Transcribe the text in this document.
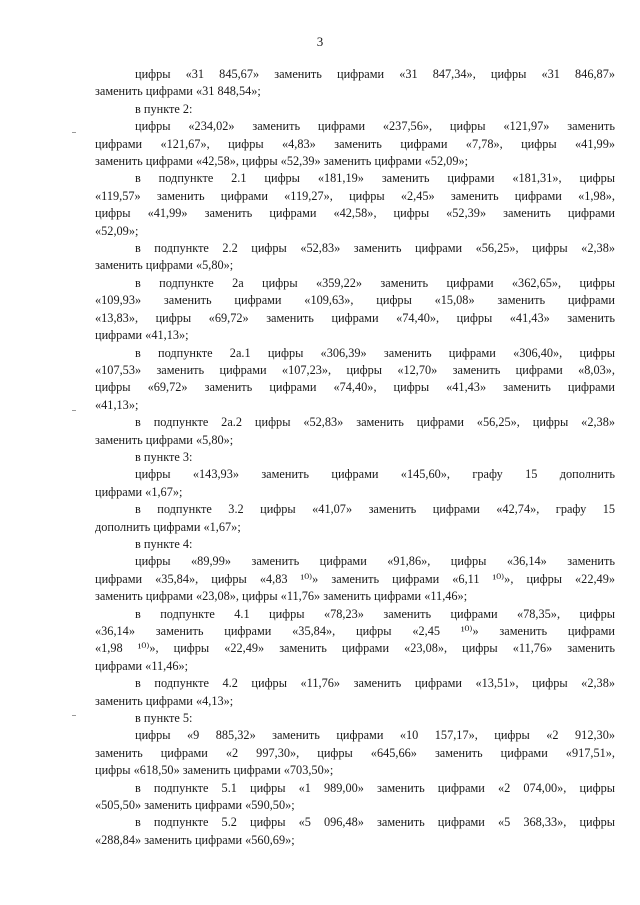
3
цифры «31 845,67» заменить цифрами «31 847,34», цифры «31 846,87»
заменить цифрами «31 848,54»;
в пункте 2:
цифры «234,02» заменить цифрами «237,56», цифры «121,97» заменить
цифрами «121,67», цифры «4,83» заменить цифрами «7,78», цифры «41,99»
заменить цифрами «42,58», цифры «52,39» заменить цифрами «52,09»;
в подпункте 2.1 цифры «181,19» заменить цифрами «181,31», цифры
«119,57» заменить цифрами «119,27», цифры «2,45» заменить цифрами «1,98»,
цифры «41,99» заменить цифрами «42,58», цифры «52,39» заменить цифрами
«52,09»;
в подпункте 2.2 цифры «52,83» заменить цифрами «56,25», цифры «2,38»
заменить цифрами «5,80»;
в подпункте 2а цифры «359,22» заменить цифрами «362,65», цифры
«109,93» заменить цифрами «109,63», цифры «15,08» заменить цифрами
«13,83», цифры «69,72» заменить цифрами «74,40», цифры «41,43» заменить
цифрами «41,13»;
в подпункте 2а.1 цифры «306,39» заменить цифрами «306,40», цифры
«107,53» заменить цифрами «107,23», цифры «12,70» заменить цифрами «8,03»,
цифры «69,72» заменить цифрами «74,40», цифры «41,43» заменить цифрами
«41,13»;
в подпункте 2а.2 цифры «52,83» заменить цифрами «56,25», цифры «2,38»
заменить цифрами «5,80»;
в пункте 3:
цифры «143,93» заменить цифрами «145,60», графу 15 дополнить
цифрами «1,67»;
в подпункте 3.2 цифры «41,07» заменить цифрами «42,74», графу 15
дополнить цифрами «1,67»;
в пункте 4:
цифры «89,99» заменить цифрами «91,86», цифры «36,14» заменить
цифрами «35,84», цифры «4,83 ¹⁰⁾» заменить цифрами «6,11 ¹⁰⁾», цифры «22,49»
заменить цифрами «23,08», цифры «11,76» заменить цифрами «11,46»;
в подпункте 4.1 цифры «78,23» заменить цифрами «78,35», цифры
«36,14» заменить цифрами «35,84», цифры «2,45 ¹⁰⁾» заменить цифрами
«1,98 ¹⁰⁾», цифры «22,49» заменить цифрами «23,08», цифры «11,76» заменить
цифрами «11,46»;
в подпункте 4.2 цифры «11,76» заменить цифрами «13,51», цифры «2,38»
заменить цифрами «4,13»;
в пункте 5:
цифры «9 885,32» заменить цифрами «10 157,17», цифры «2 912,30»
заменить цифрами «2 997,30», цифры «645,66» заменить цифрами «917,51»,
цифры «618,50» заменить цифрами «703,50»;
в подпункте 5.1 цифры «1 989,00» заменить цифрами «2 074,00», цифры
«505,50» заменить цифрами «590,50»;
в подпункте 5.2 цифры «5 096,48» заменить цифрами «5 368,33», цифры
«288,84» заменить цифрами «560,69»;
